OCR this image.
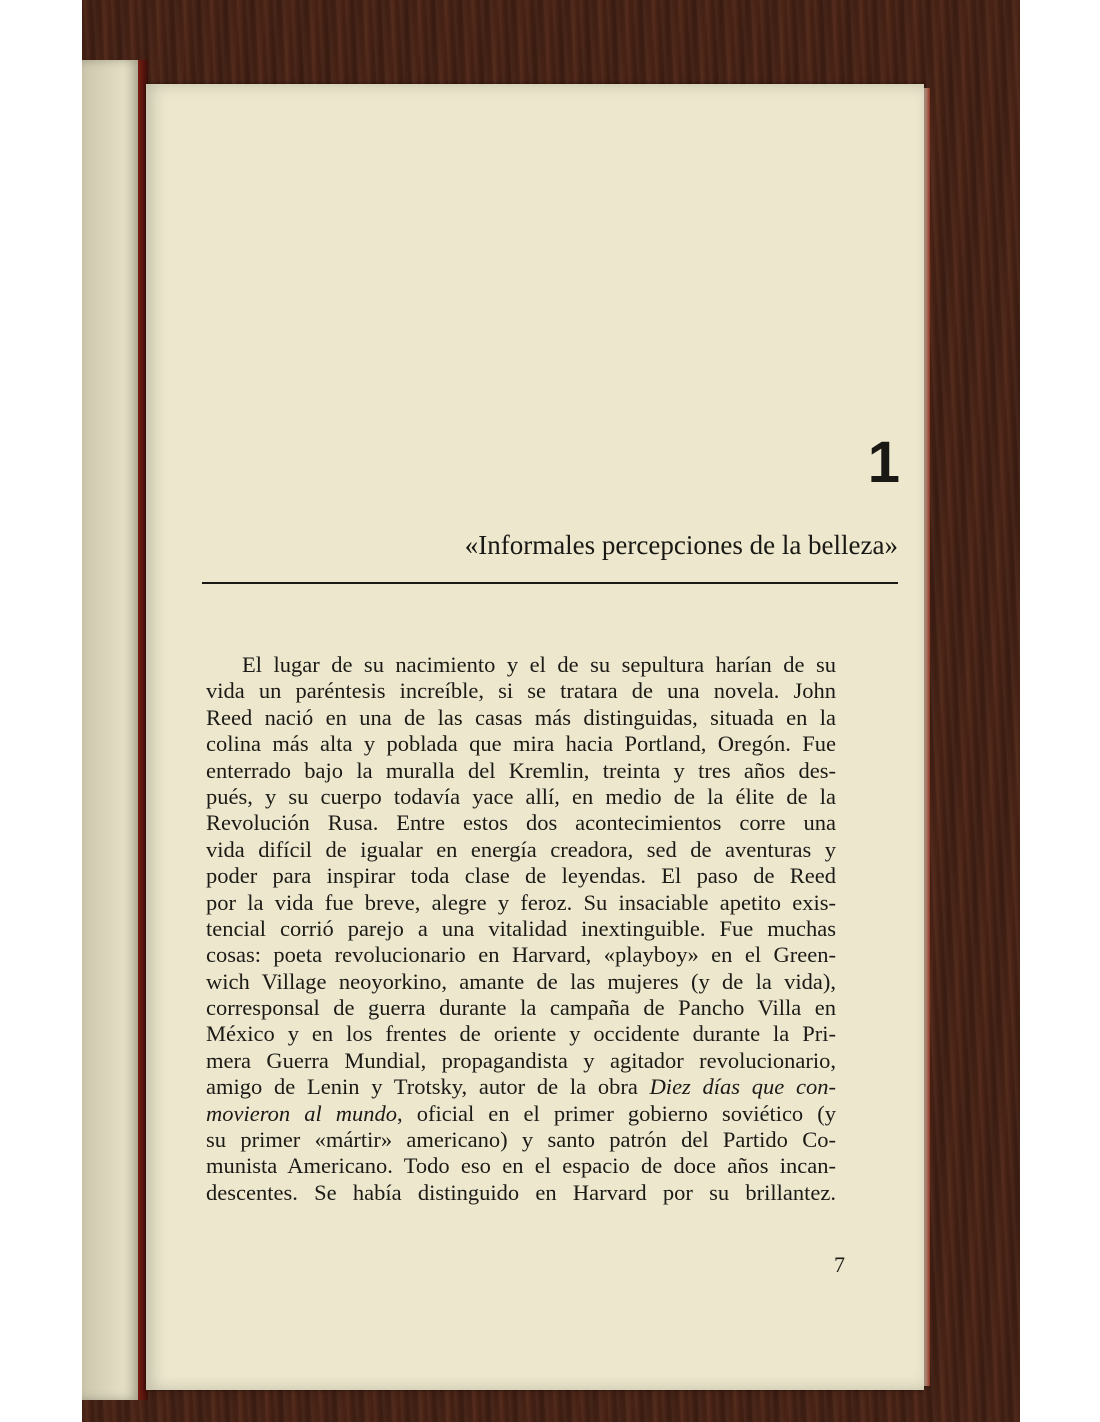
1
«Informales percepciones de la belleza»
El lugar de su nacimiento y el de su sepultura harían de su
vida un paréntesis increíble, si se tratara de una novela. John
Reed nació en una de las casas más distinguidas, situada en la
colina más alta y poblada que mira hacia Portland, Oregón. Fue
enterrado bajo la muralla del Kremlin, treinta y tres años des-
pués, y su cuerpo todavía yace allí, en medio de la élite de la
Revolución Rusa. Entre estos dos acontecimientos corre una
vida difícil de igualar en energía creadora, sed de aventuras y
poder para inspirar toda clase de leyendas. El paso de Reed
por la vida fue breve, alegre y feroz. Su insaciable apetito exis-
tencial corrió parejo a una vitalidad inextinguible. Fue muchas
cosas: poeta revolucionario en Harvard, «playboy» en el Green-
wich Village neoyorkino, amante de las mujeres (y de la vida),
corresponsal de guerra durante la campaña de Pancho Villa en
México y en los frentes de oriente y occidente durante la Pri-
mera Guerra Mundial, propagandista y agitador revolucionario,
amigo de Lenin y Trotsky, autor de la obra Diez días que con-
movieron al mundo, oficial en el primer gobierno soviético (y
su primer «mártir» americano) y santo patrón del Partido Co-
munista Americano. Todo eso en el espacio de doce años incan-
descentes. Se había distinguido en Harvard por su brillantez.
7
